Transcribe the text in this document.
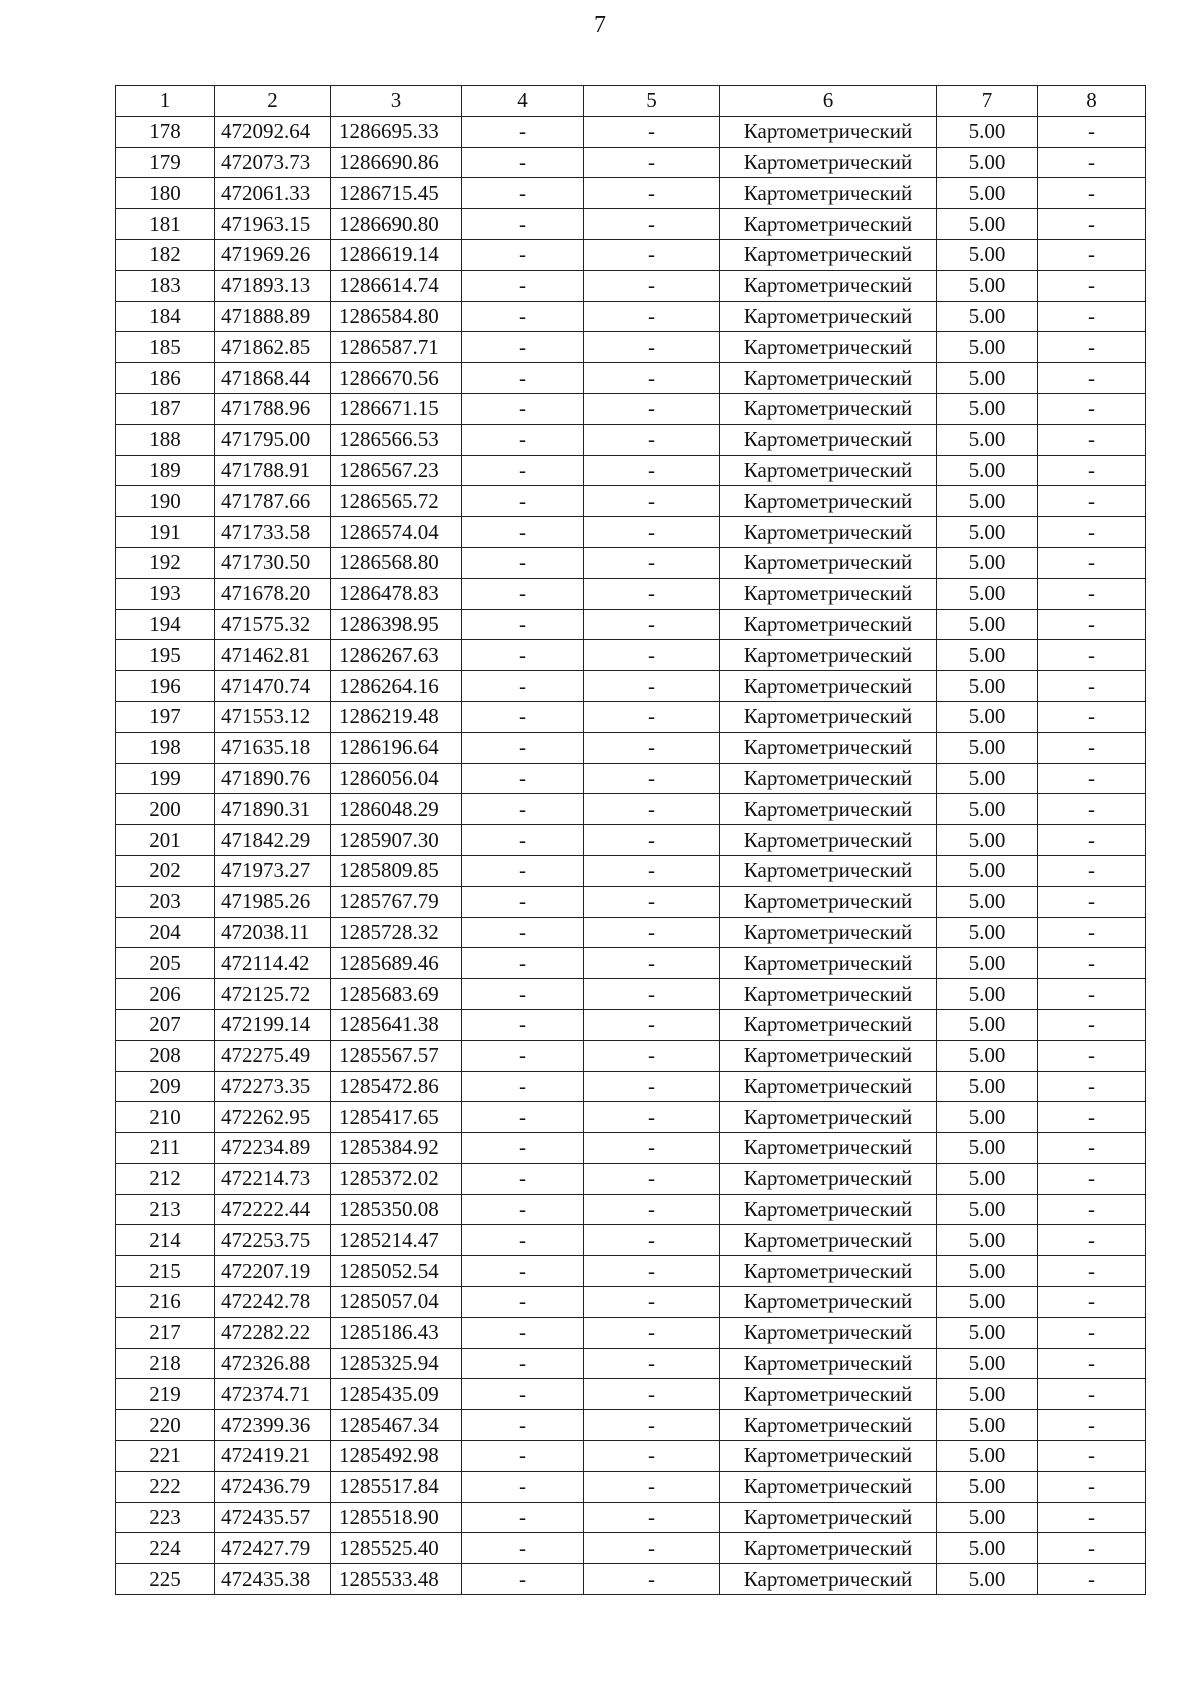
7
1	2	3	4	5	6	7	8
178	472092.64	1286695.33	-	-	Картометрический	5.00	-
179	472073.73	1286690.86	-	-	Картометрический	5.00	-
180	472061.33	1286715.45	-	-	Картометрический	5.00	-
181	471963.15	1286690.80	-	-	Картометрический	5.00	-
182	471969.26	1286619.14	-	-	Картометрический	5.00	-
183	471893.13	1286614.74	-	-	Картометрический	5.00	-
184	471888.89	1286584.80	-	-	Картометрический	5.00	-
185	471862.85	1286587.71	-	-	Картометрический	5.00	-
186	471868.44	1286670.56	-	-	Картометрический	5.00	-
187	471788.96	1286671.15	-	-	Картометрический	5.00	-
188	471795.00	1286566.53	-	-	Картометрический	5.00	-
189	471788.91	1286567.23	-	-	Картометрический	5.00	-
190	471787.66	1286565.72	-	-	Картометрический	5.00	-
191	471733.58	1286574.04	-	-	Картометрический	5.00	-
192	471730.50	1286568.80	-	-	Картометрический	5.00	-
193	471678.20	1286478.83	-	-	Картометрический	5.00	-
194	471575.32	1286398.95	-	-	Картометрический	5.00	-
195	471462.81	1286267.63	-	-	Картометрический	5.00	-
196	471470.74	1286264.16	-	-	Картометрический	5.00	-
197	471553.12	1286219.48	-	-	Картометрический	5.00	-
198	471635.18	1286196.64	-	-	Картометрический	5.00	-
199	471890.76	1286056.04	-	-	Картометрический	5.00	-
200	471890.31	1286048.29	-	-	Картометрический	5.00	-
201	471842.29	1285907.30	-	-	Картометрический	5.00	-
202	471973.27	1285809.85	-	-	Картометрический	5.00	-
203	471985.26	1285767.79	-	-	Картометрический	5.00	-
204	472038.11	1285728.32	-	-	Картометрический	5.00	-
205	472114.42	1285689.46	-	-	Картометрический	5.00	-
206	472125.72	1285683.69	-	-	Картометрический	5.00	-
207	472199.14	1285641.38	-	-	Картометрический	5.00	-
208	472275.49	1285567.57	-	-	Картометрический	5.00	-
209	472273.35	1285472.86	-	-	Картометрический	5.00	-
210	472262.95	1285417.65	-	-	Картометрический	5.00	-
211	472234.89	1285384.92	-	-	Картометрический	5.00	-
212	472214.73	1285372.02	-	-	Картометрический	5.00	-
213	472222.44	1285350.08	-	-	Картометрический	5.00	-
214	472253.75	1285214.47	-	-	Картометрический	5.00	-
215	472207.19	1285052.54	-	-	Картометрический	5.00	-
216	472242.78	1285057.04	-	-	Картометрический	5.00	-
217	472282.22	1285186.43	-	-	Картометрический	5.00	-
218	472326.88	1285325.94	-	-	Картометрический	5.00	-
219	472374.71	1285435.09	-	-	Картометрический	5.00	-
220	472399.36	1285467.34	-	-	Картометрический	5.00	-
221	472419.21	1285492.98	-	-	Картометрический	5.00	-
222	472436.79	1285517.84	-	-	Картометрический	5.00	-
223	472435.57	1285518.90	-	-	Картометрический	5.00	-
224	472427.79	1285525.40	-	-	Картометрический	5.00	-
225	472435.38	1285533.48	-	-	Картометрический	5.00	-
